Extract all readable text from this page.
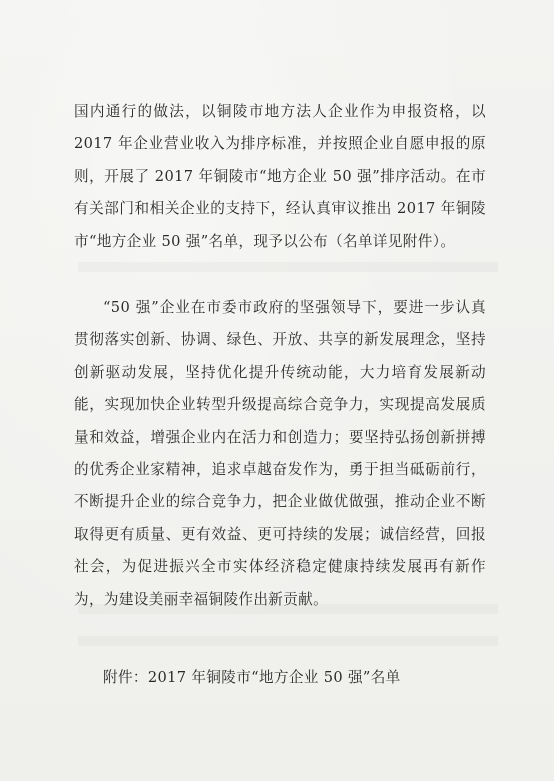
国内通行的做法，以铜陵市地方法人企业作为申报资格，以 2017 年企业营业收入为排序标准，并按照企业自愿申报的原则，开展了 2017 年铜陵市“地方企业 50 强”排序活动。在市有关部门和相关企业的支持下，经认真审议推出 2017 年铜陵市“地方企业 50 强”名单，现予以公布（名单详见附件）。

“50 强”企业在市委市政府的坚强领导下，要进一步认真贯彻落实创新、协调、绿色、开放、共享的新发展理念，坚持创新驱动发展，坚持优化提升传统动能，大力培育发展新动能，实现加快企业转型升级提高综合竞争力，实现提高发展质量和效益，增强企业内在活力和创造力；要坚持弘扬创新拼搏的优秀企业家精神，追求卓越奋发作为，勇于担当砥砺前行，不断提升企业的综合竞争力，把企业做优做强，推动企业不断取得更有质量、更有效益、更可持续的发展；诚信经营，回报社会，为促进振兴全市实体经济稳定健康持续发展再有新作为，为建设美丽幸福铜陵作出新贡献。

附件：2017 年铜陵市“地方企业 50 强”名单
